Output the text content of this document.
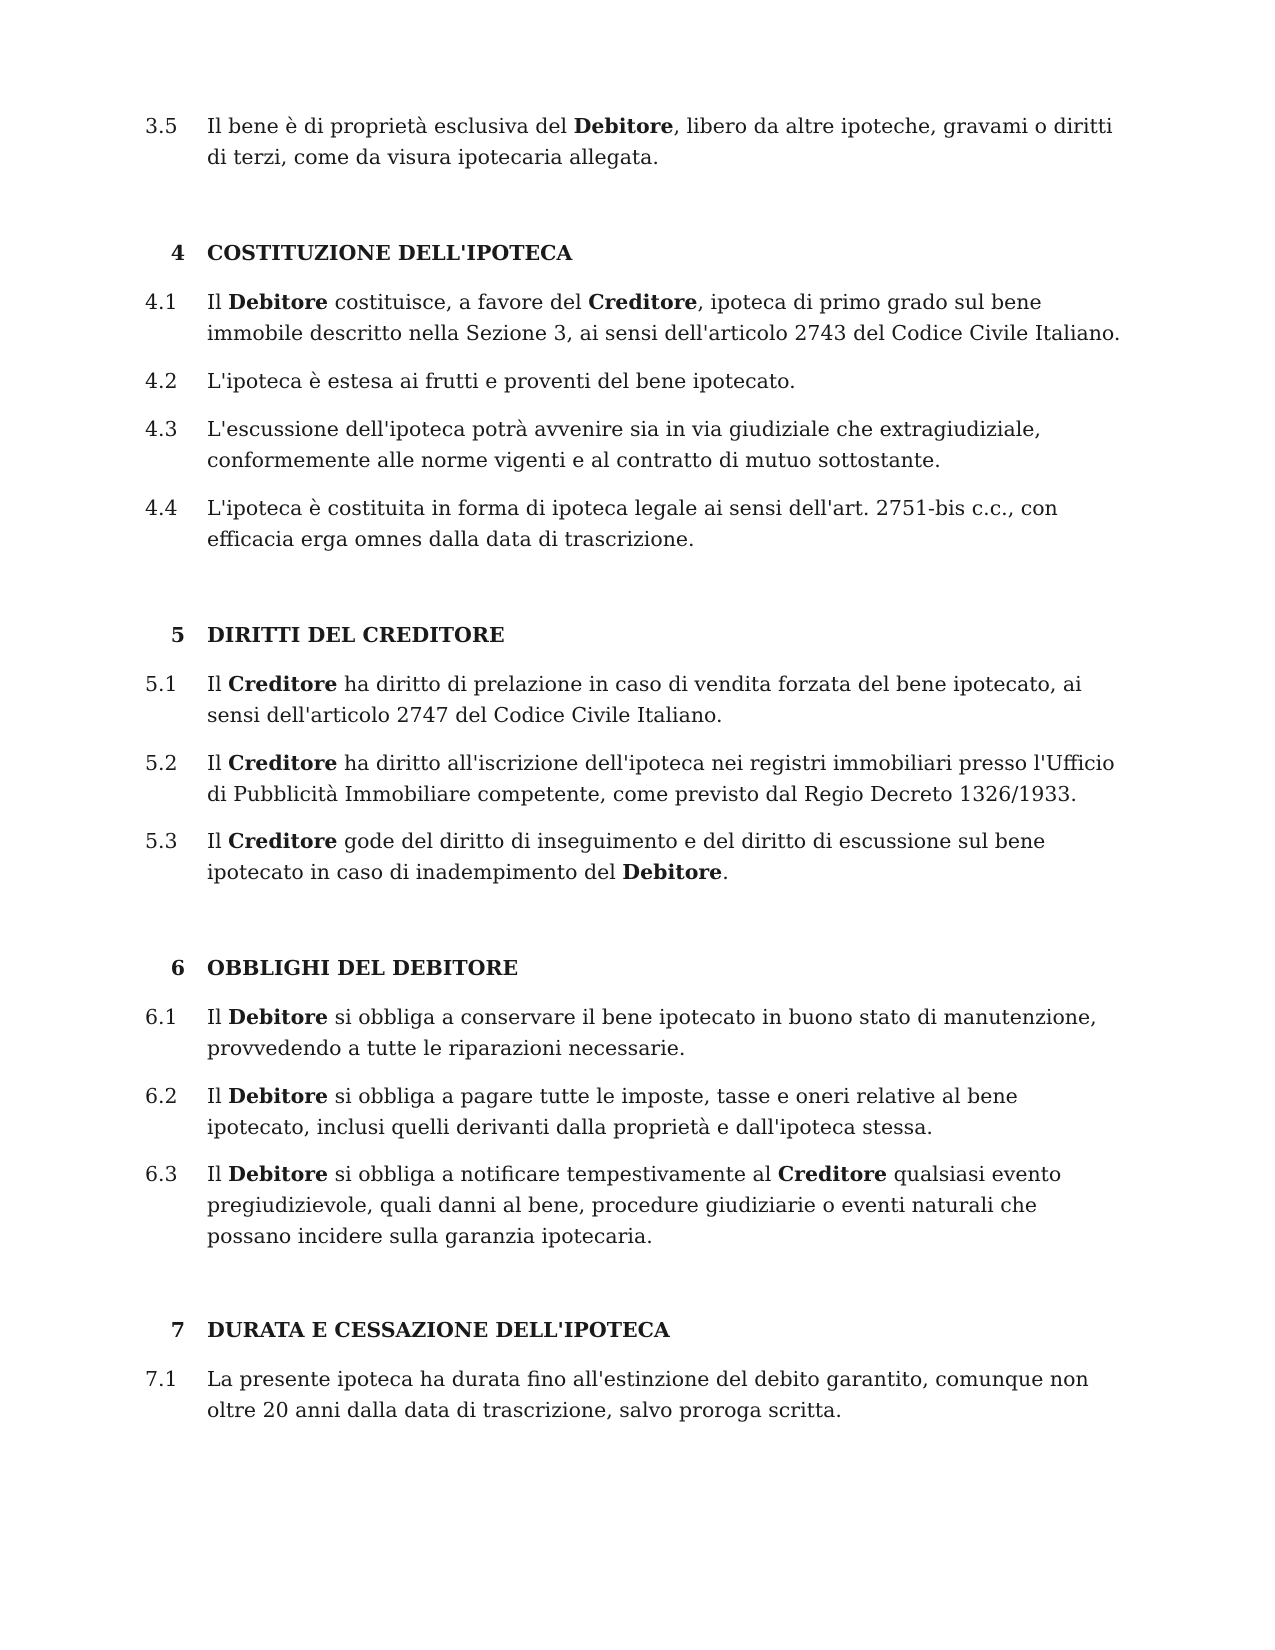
3.5	Il bene è di proprietà esclusiva del Debitore, libero da altre ipoteche, gravami o diritti di terzi, come da visura ipotecaria allegata.
4 COSTITUZIONE DELL'IPOTECA
4.1	Il Debitore costituisce, a favore del Creditore, ipoteca di primo grado sul bene immobile descritto nella Sezione 3, ai sensi dell'articolo 2743 del Codice Civile Italiano.
4.2	L'ipoteca è estesa ai frutti e proventi del bene ipotecato.
4.3	L'escussione dell'ipoteca potrà avvenire sia in via giudiziale che extragiudiziale, conformemente alle norme vigenti e al contratto di mutuo sottostante.
4.4	L'ipoteca è costituita in forma di ipoteca legale ai sensi dell'art. 2751-bis c.c., con efficacia erga omnes dalla data di trascrizione.
5 DIRITTI DEL CREDITORE
5.1	Il Creditore ha diritto di prelazione in caso di vendita forzata del bene ipotecato, ai sensi dell'articolo 2747 del Codice Civile Italiano.
5.2	Il Creditore ha diritto all'iscrizione dell'ipoteca nei registri immobiliari presso l'Ufficio di Pubblicità Immobiliare competente, come previsto dal Regio Decreto 1326/1933.
5.3	Il Creditore gode del diritto di inseguimento e del diritto di escussione sul bene ipotecato in caso di inadempimento del Debitore.
6 OBBLIGHI DEL DEBITORE
6.1	Il Debitore si obbliga a conservare il bene ipotecato in buono stato di manutenzione, provvedendo a tutte le riparazioni necessarie.
6.2	Il Debitore si obbliga a pagare tutte le imposte, tasse e oneri relative al bene ipotecato, inclusi quelli derivanti dalla proprietà e dall'ipoteca stessa.
6.3	Il Debitore si obbliga a notificare tempestivamente al Creditore qualsiasi evento pregiudizievole, quali danni al bene, procedure giudiziarie o eventi naturali che possano incidere sulla garanzia ipotecaria.
7 DURATA E CESSAZIONE DELL'IPOTECA
7.1	La presente ipoteca ha durata fino all'estinzione del debito garantito, comunque non oltre 20 anni dalla data di trascrizione, salvo proroga scritta.
